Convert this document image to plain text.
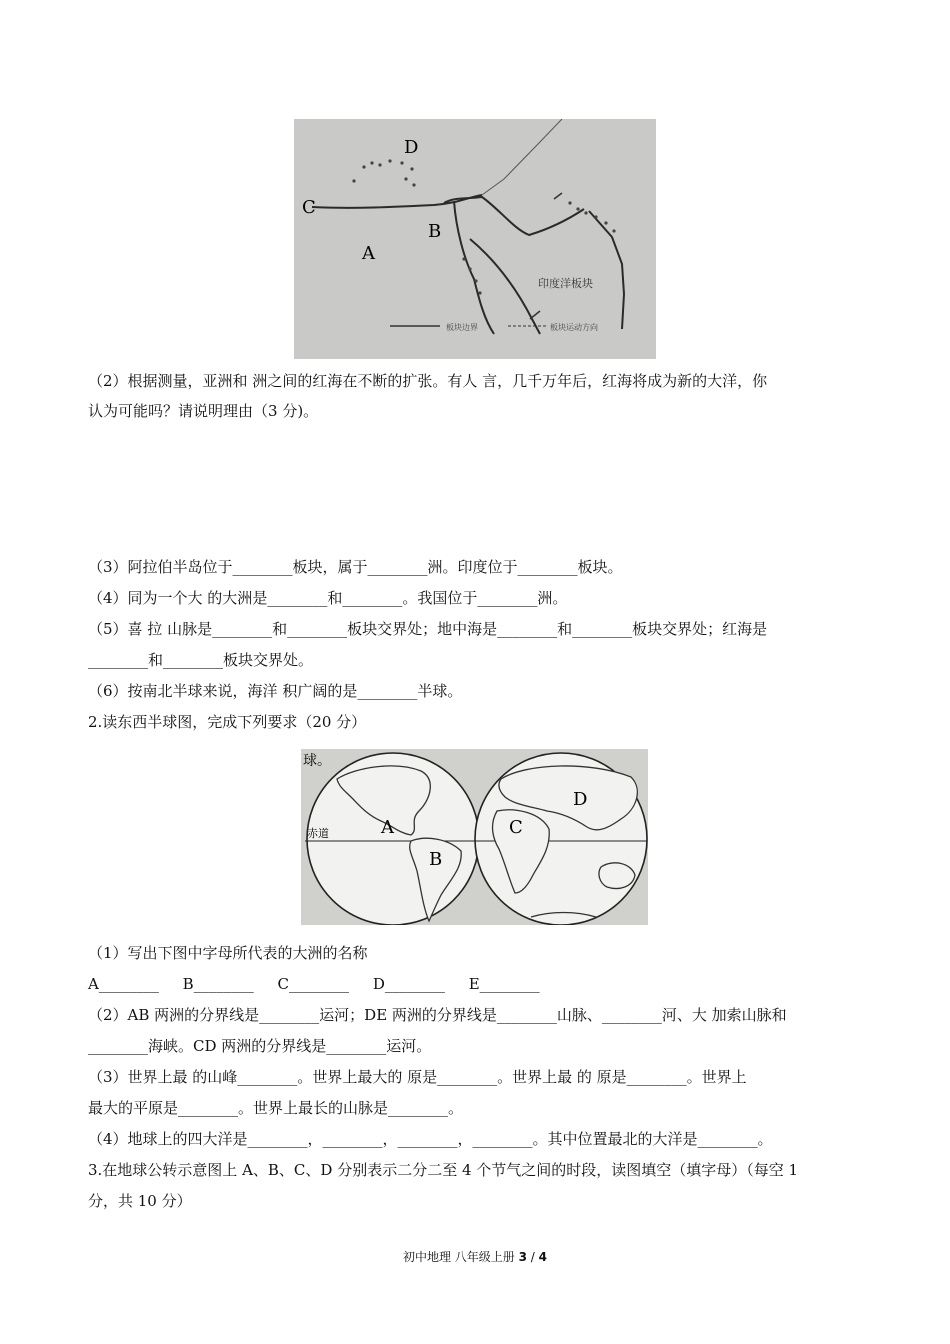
D
C
B
A
印度洋板块
板块边界	板块运动方向
（2）根据测量，亚洲和 洲之间的红海在不断的扩张。有人 言，几千万年后，红海将成为新的大洋，你
认为可能吗？请说明理由（3 分)。
（3）阿拉伯半岛位于________板块，属于________洲。印度位于________板块。
（4）同为一个大 的大洲是________和________。我国位于________洲。
（5）喜 拉 山脉是________和________板块交界处；地中海是________和________板块交界处；红海是
________和________板块交界处。
（6）按南北半球来说，海洋 积广阔的是________半球。
2.读东西半球图，完成下列要求（20 分）
球。
A
B
C
D
赤道
（1）写出下图中字母所代表的大洲的名称
A________     B________     C________     D________     E________
（2）AB 两洲的分界线是________运河；DE 两洲的分界线是________山脉、________河、大 加索山脉和
________海峡。CD 两洲的分界线是________运河。
（3）世界上最 的山峰________。世界上最大的 原是________。世界上最 的 原是________。世界上
最大的平原是________。世界上最长的山脉是________。
（4）地球上的四大洋是________，________，________，________。其中位置最北的大洋是________。
3.在地球公转示意图上 A、B、C、D 分别表示二分二至 4 个节气之间的时段，读图填空（填字母）（每空 1
分，共 10 分）
初中地理 八年级上册 3 / 4
